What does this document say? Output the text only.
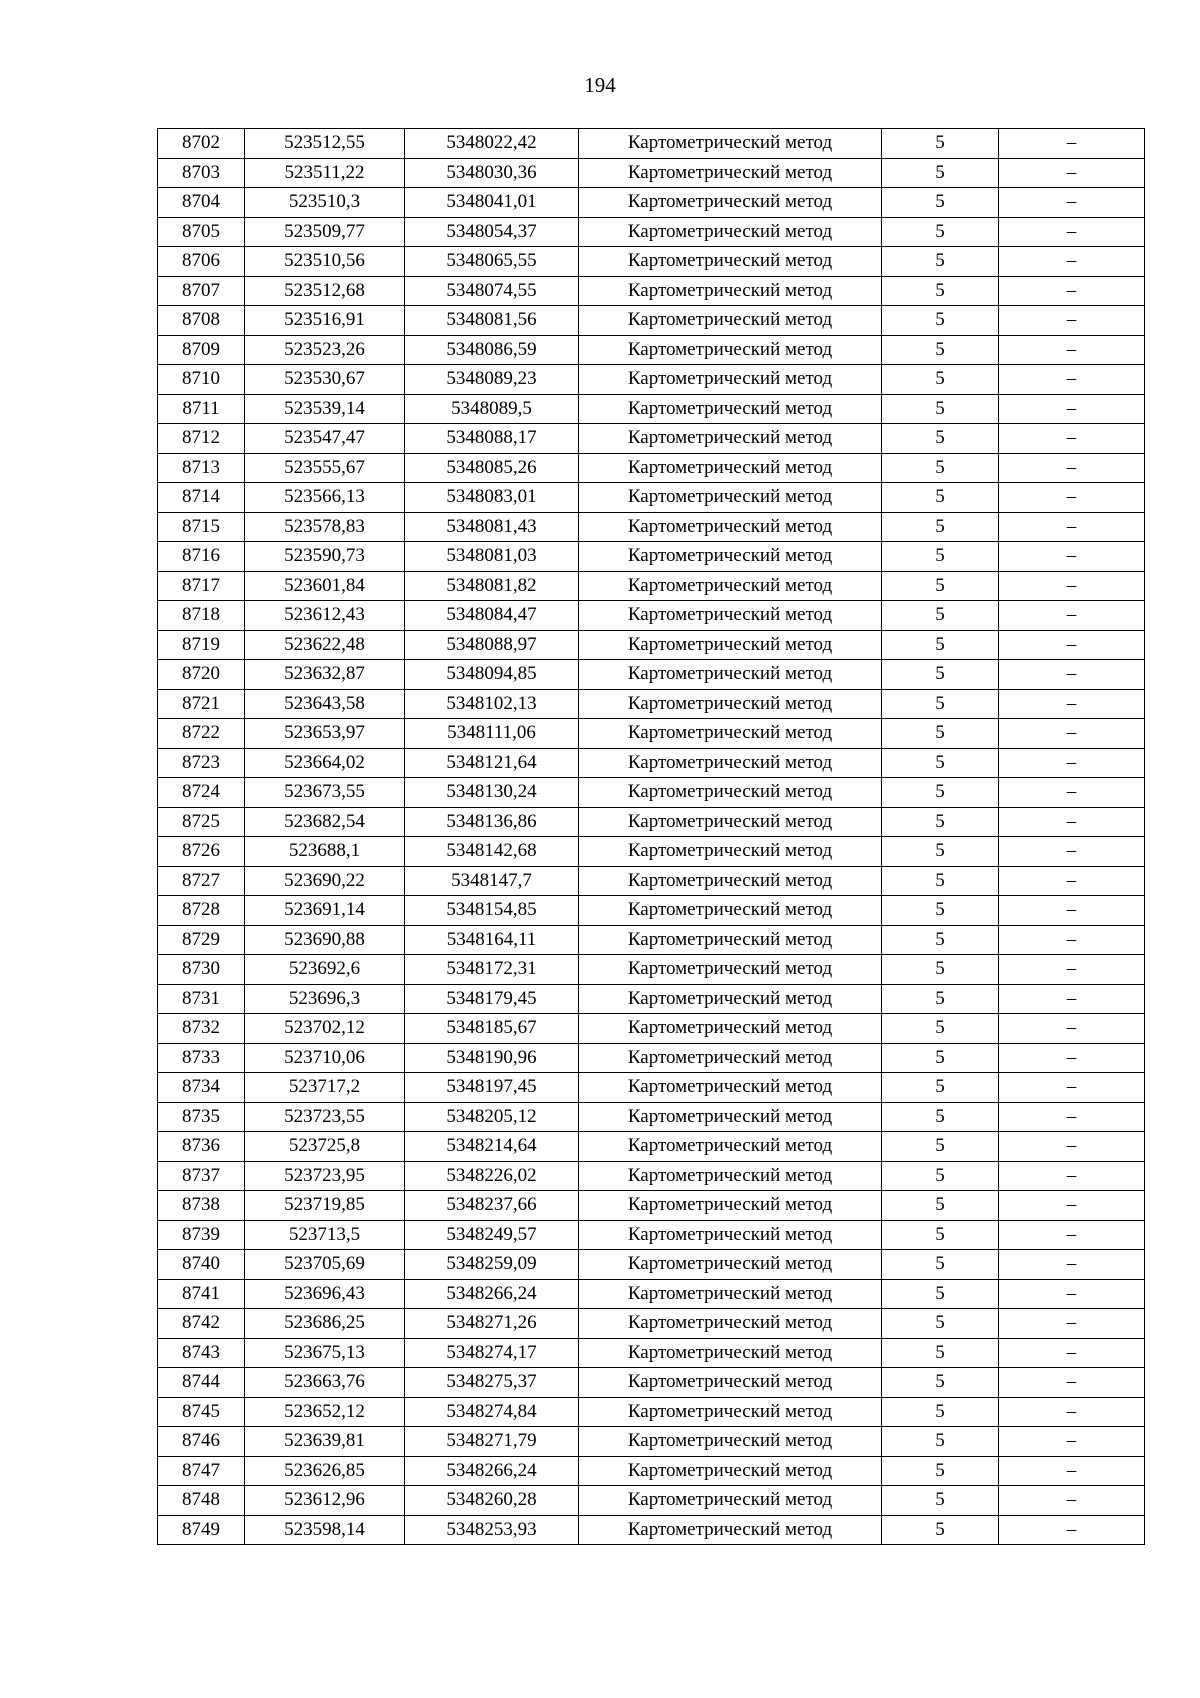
194
8702	523512,55	5348022,42	Картометрический метод	5	–
8703	523511,22	5348030,36	Картометрический метод	5	–
8704	523510,3	5348041,01	Картометрический метод	5	–
8705	523509,77	5348054,37	Картометрический метод	5	–
8706	523510,56	5348065,55	Картометрический метод	5	–
8707	523512,68	5348074,55	Картометрический метод	5	–
8708	523516,91	5348081,56	Картометрический метод	5	–
8709	523523,26	5348086,59	Картометрический метод	5	–
8710	523530,67	5348089,23	Картометрический метод	5	–
8711	523539,14	5348089,5	Картометрический метод	5	–
8712	523547,47	5348088,17	Картометрический метод	5	–
8713	523555,67	5348085,26	Картометрический метод	5	–
8714	523566,13	5348083,01	Картометрический метод	5	–
8715	523578,83	5348081,43	Картометрический метод	5	–
8716	523590,73	5348081,03	Картометрический метод	5	–
8717	523601,84	5348081,82	Картометрический метод	5	–
8718	523612,43	5348084,47	Картометрический метод	5	–
8719	523622,48	5348088,97	Картометрический метод	5	–
8720	523632,87	5348094,85	Картометрический метод	5	–
8721	523643,58	5348102,13	Картометрический метод	5	–
8722	523653,97	5348111,06	Картометрический метод	5	–
8723	523664,02	5348121,64	Картометрический метод	5	–
8724	523673,55	5348130,24	Картометрический метод	5	–
8725	523682,54	5348136,86	Картометрический метод	5	–
8726	523688,1	5348142,68	Картометрический метод	5	–
8727	523690,22	5348147,7	Картометрический метод	5	–
8728	523691,14	5348154,85	Картометрический метод	5	–
8729	523690,88	5348164,11	Картометрический метод	5	–
8730	523692,6	5348172,31	Картометрический метод	5	–
8731	523696,3	5348179,45	Картометрический метод	5	–
8732	523702,12	5348185,67	Картометрический метод	5	–
8733	523710,06	5348190,96	Картометрический метод	5	–
8734	523717,2	5348197,45	Картометрический метод	5	–
8735	523723,55	5348205,12	Картометрический метод	5	–
8736	523725,8	5348214,64	Картометрический метод	5	–
8737	523723,95	5348226,02	Картометрический метод	5	–
8738	523719,85	5348237,66	Картометрический метод	5	–
8739	523713,5	5348249,57	Картометрический метод	5	–
8740	523705,69	5348259,09	Картометрический метод	5	–
8741	523696,43	5348266,24	Картометрический метод	5	–
8742	523686,25	5348271,26	Картометрический метод	5	–
8743	523675,13	5348274,17	Картометрический метод	5	–
8744	523663,76	5348275,37	Картометрический метод	5	–
8745	523652,12	5348274,84	Картометрический метод	5	–
8746	523639,81	5348271,79	Картометрический метод	5	–
8747	523626,85	5348266,24	Картометрический метод	5	–
8748	523612,96	5348260,28	Картометрический метод	5	–
8749	523598,14	5348253,93	Картометрический метод	5	–
